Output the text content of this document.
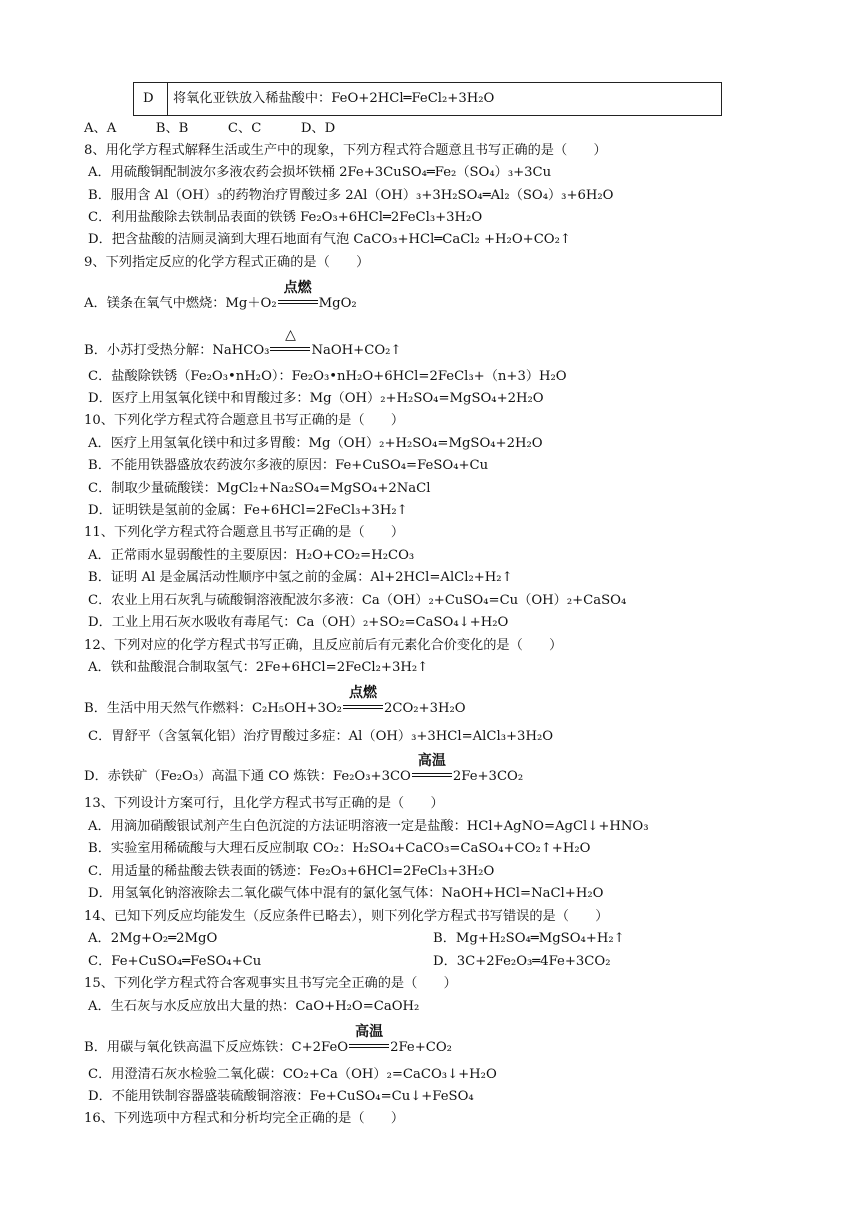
D 将氧化亚铁放入稀盐酸中：FeO+2HCl═FeCl₂+3H₂O
A、A　　　B、B　　　C、C　　　D、D
8、用化学方程式解释生活或生产中的现象，下列方程式符合题意且书写正确的是（　　）
A．用硫酸铜配制波尔多液农药会损坏铁桶 2Fe+3CuSO₄═Fe₂（SO₄）₃+3Cu
B．服用含 Al（OH）₃的药物治疗胃酸过多 2Al（OH）₃+3H₂SO₄═Al₂（SO₄）₃+6H₂O
C．利用盐酸除去铁制品表面的铁锈 Fe₂O₃+6HCl═2FeCl₃+3H₂O
D．把含盐酸的洁厕灵滴到大理石地面有气泡 CaCO₃+HCl═CaCl₂ +H₂O+CO₂↑
9、下列指定反应的化学方程式正确的是（　　）
A．镁条在氧气中燃烧：Mg＋O₂
点燃
MgO₂
B．小苏打受热分解：NaHCO₃
△
NaOH+CO₂↑
C．盐酸除铁锈（Fe₂O₃•nH₂O）：Fe₂O₃•nH₂O+6HCl=2FeCl₃+（n+3）H₂O
D．医疗上用氢氧化镁中和胃酸过多：Mg（OH）₂+H₂SO₄=MgSO₄+2H₂O
10、下列化学方程式符合题意且书写正确的是（　　）
A．医疗上用氢氧化镁中和过多胃酸：Mg（OH）₂+H₂SO₄=MgSO₄+2H₂O
B．不能用铁器盛放农药波尔多液的原因：Fe+CuSO₄=FeSO₄+Cu
C．制取少量硫酸镁：MgCl₂+Na₂SO₄=MgSO₄+2NaCl
D．证明铁是氢前的金属：Fe+6HCl=2FeCl₃+3H₂↑
11、下列化学方程式符合题意且书写正确的是（　　）
A．正常雨水显弱酸性的主要原因：H₂O+CO₂=H₂CO₃
B．证明 Al 是金属活动性顺序中氢之前的金属：Al+2HCl=AlCl₂+H₂↑
C．农业上用石灰乳与硫酸铜溶液配波尔多液：Ca（OH）₂+CuSO₄=Cu（OH）₂+CaSO₄
D．工业上用石灰水吸收有毒尾气：Ca（OH）₂+SO₂=CaSO₄↓+H₂O
12、下列对应的化学方程式书写正确，且反应前后有元素化合价变化的是（　　）
A．铁和盐酸混合制取氢气：2Fe+6HCl=2FeCl₂+3H₂↑
B．生活中用天然气作燃料：C₂H₅OH+3O₂
点燃
2CO₂+3H₂O
C．胃舒平（含氢氧化铝）治疗胃酸过多症：Al（OH）₃+3HCl=AlCl₃+3H₂O
D．赤铁矿（Fe₂O₃）高温下通 CO 炼铁：Fe₂O₃+3CO
高温
2Fe+3CO₂
13、下列设计方案可行，且化学方程式书写正确的是（　　）
A．用滴加硝酸银试剂产生白色沉淀的方法证明溶液一定是盐酸：HCl+AgNO=AgCl↓+HNO₃
B．实验室用稀硫酸与大理石反应制取 CO₂：H₂SO₄+CaCO₃=CaSO₄+CO₂↑+H₂O
C．用适量的稀盐酸去铁表面的锈迹：Fe₂O₃+6HCl=2FeCl₃+3H₂O
D．用氢氧化钠溶液除去二氧化碳气体中混有的氯化氢气体：NaOH+HCl=NaCl+H₂O
14、已知下列反应均能发生（反应条件已略去），则下列化学方程式书写错误的是（　　）
A．2Mg+O₂═2MgO	B．Mg+H₂SO₄═MgSO₄+H₂↑
C．Fe+CuSO₄═FeSO₄+Cu	D．3C+2Fe₂O₃═4Fe+3CO₂
15、下列化学方程式符合客观事实且书写完全正确的是（　　）
A．生石灰与水反应放出大量的热：CaO+H₂O=CaOH₂
B．用碳与氧化铁高温下反应炼铁：C+2FeO
高温
2Fe+CO₂
C．用澄清石灰水检验二氧化碳：CO₂+Ca（OH）₂=CaCO₃↓+H₂O
D．不能用铁制容器盛装硫酸铜溶液：Fe+CuSO₄=Cu↓+FeSO₄
16、下列选项中方程式和分析均完全正确的是（　　）
